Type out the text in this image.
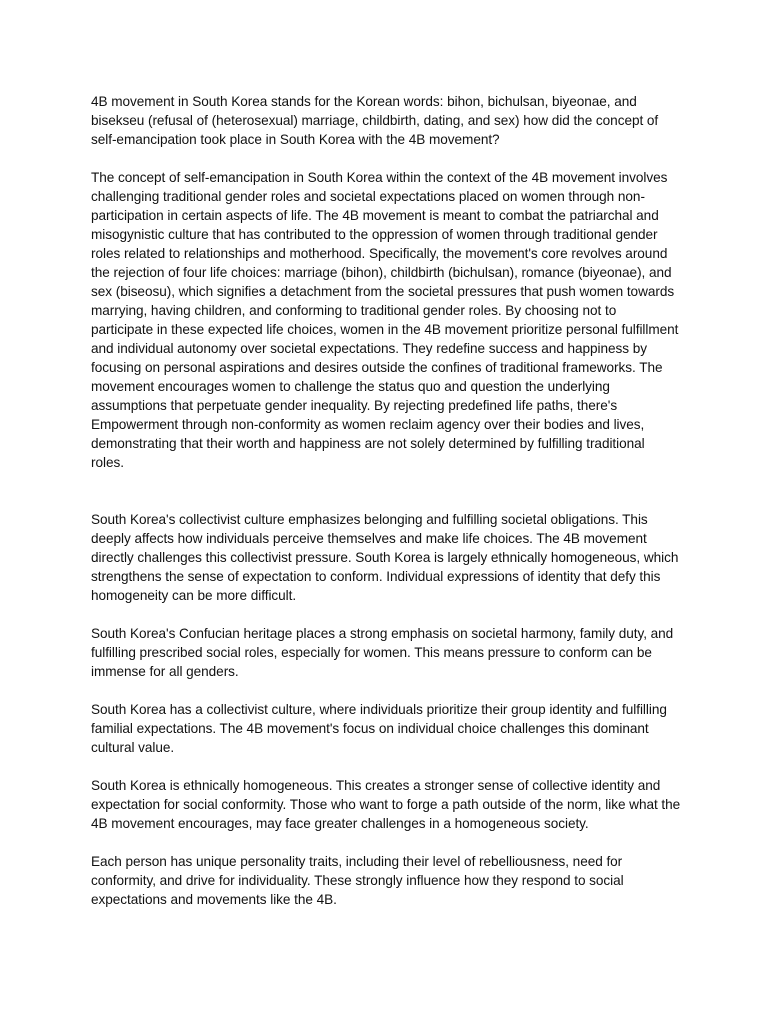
4B movement in South Korea stands for the Korean words: bihon, bichulsan, biyeonae, and bisekseu (refusal of (heterosexual) marriage, childbirth, dating, and sex) how did the concept of self-emancipation took place in South Korea with the 4B movement?

The concept of self-emancipation in South Korea within the context of the 4B movement involves challenging traditional gender roles and societal expectations placed on women through non-participation in certain aspects of life. The 4B movement is meant to combat the patriarchal and misogynistic culture that has contributed to the oppression of women through traditional gender roles related to relationships and motherhood. Specifically, the movement's core revolves around the rejection of four life choices: marriage (bihon), childbirth (bichulsan), romance (biyeonae), and sex (biseosu), which signifies a detachment from the societal pressures that push women towards marrying, having children, and conforming to traditional gender roles. By choosing not to participate in these expected life choices, women in the 4B movement prioritize personal fulfillment and individual autonomy over societal expectations. They redefine success and happiness by focusing on personal aspirations and desires outside the confines of traditional frameworks. The movement encourages women to challenge the status quo and question the underlying assumptions that perpetuate gender inequality. By rejecting predefined life paths, there's Empowerment through non-conformity as women reclaim agency over their bodies and lives, demonstrating that their worth and happiness are not solely determined by fulfilling traditional roles.

South Korea's collectivist culture emphasizes belonging and fulfilling societal obligations. This deeply affects how individuals perceive themselves and make life choices. The 4B movement directly challenges this collectivist pressure. South Korea is largely ethnically homogeneous, which strengthens the sense of expectation to conform. Individual expressions of identity that defy this homogeneity can be more difficult.

South Korea's Confucian heritage places a strong emphasis on societal harmony, family duty, and fulfilling prescribed social roles, especially for women. This means pressure to conform can be immense for all genders.

South Korea has a collectivist culture, where individuals prioritize their group identity and fulfilling familial expectations. The 4B movement's focus on individual choice challenges this dominant cultural value.

South Korea is ethnically homogeneous. This creates a stronger sense of collective identity and expectation for social conformity. Those who want to forge a path outside of the norm, like what the 4B movement encourages, may face greater challenges in a homogeneous society.

Each person has unique personality traits, including their level of rebelliousness, need for conformity, and drive for individuality. These strongly influence how they respond to social expectations and movements like the 4B.
